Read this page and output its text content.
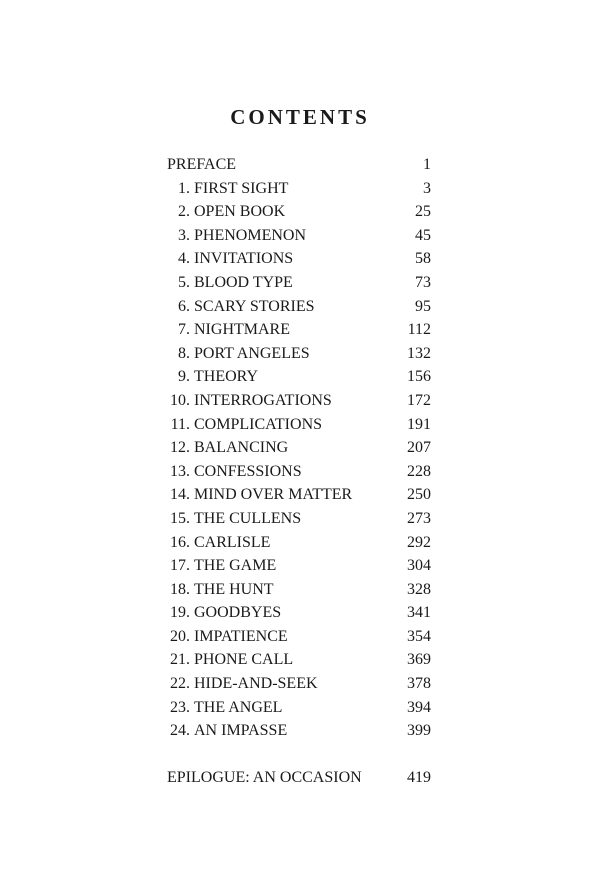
CONTENTS
PREFACE	1
1. FIRST SIGHT	3
2. OPEN BOOK	25
3. PHENOMENON	45
4. INVITATIONS	58
5. BLOOD TYPE	73
6. SCARY STORIES	95
7. NIGHTMARE	112
8. PORT ANGELES	132
9. THEORY	156
10. INTERROGATIONS	172
11. COMPLICATIONS	191
12. BALANCING	207
13. CONFESSIONS	228
14. MIND OVER MATTER	250
15. THE CULLENS	273
16. CARLISLE	292
17. THE GAME	304
18. THE HUNT	328
19. GOODBYES	341
20. IMPATIENCE	354
21. PHONE CALL	369
22. HIDE-AND-SEEK	378
23. THE ANGEL	394
24. AN IMPASSE	399
EPILOGUE: AN OCCASION	419
